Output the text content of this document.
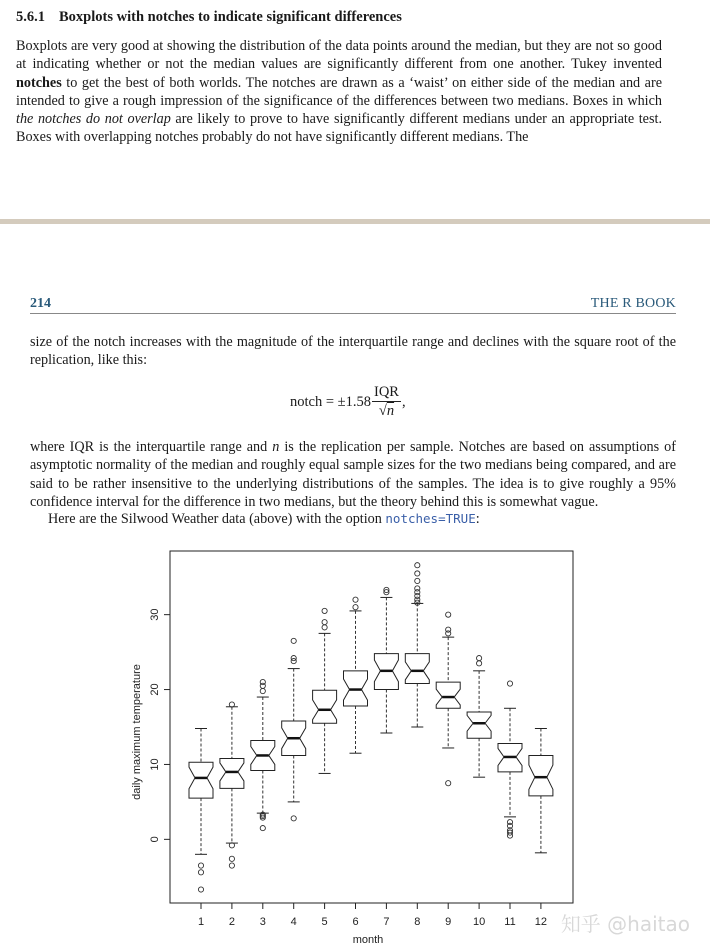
5.6.1 Boxplots with notches to indicate significant differences
Boxplots are very good at showing the distribution of the data points around the median, but they are not so good at indicating whether or not the median values are significantly different from one another. Tukey invented notches to get the best of both worlds. The notches are drawn as a ‘waist’ on either side of the median and are intended to give a rough impression of the significance of the differences between two medians. Boxes in which the notches do not overlap are likely to prove to have significantly different medians under an appropriate test. Boxes with overlapping notches probably do not have significantly different medians. The
214	THE R BOOK
size of the notch increases with the magnitude of the interquartile range and declines with the square root of the replication, like this:
notch = $\pm 1.58 \frac{\text{IQR}}{√n}$ ,
where IQR is the interquartile range and n is the replication per sample. Notches are based on assumptions of asymptotic normality of the median and roughly equal sample sizes for the two medians being compared, and are said to be rather insensitive to the underlying distributions of the samples. The idea is to give roughly a 95% confidence interval for the difference in two medians, but the theory behind this is somewhat vague.
Here are the Silwood Weather data (above) with the option notches=TRUE:
0
10
20
30
1 2 3 4 5 6 7 8 9 10 11 12
month
daily maximum temperature
知乎 @haitao
